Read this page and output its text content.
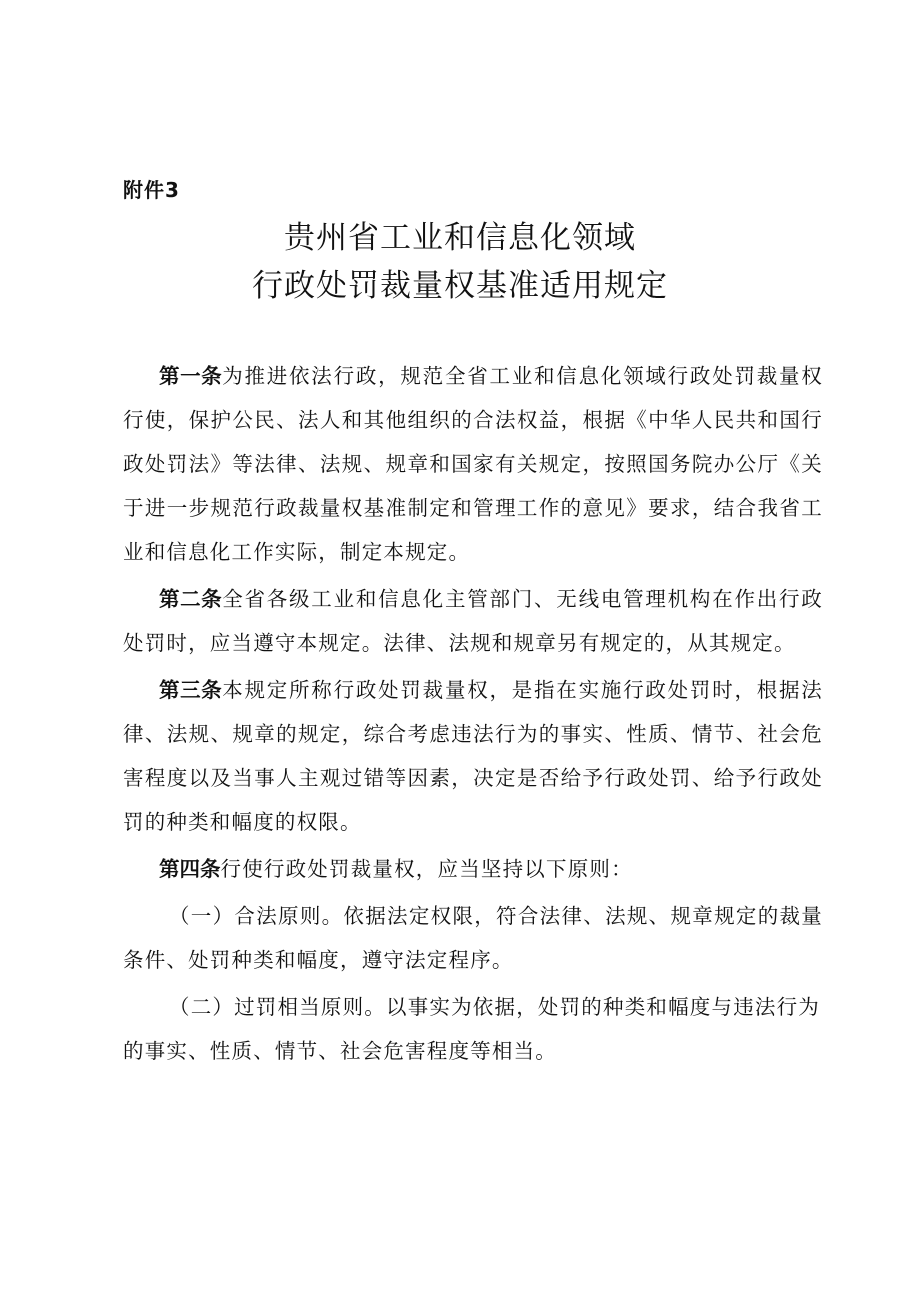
附件3
贵州省工业和信息化领域
行政处罚裁量权基准适用规定

第一条为推进依法行政，规范全省工业和信息化领域行政处罚裁量权行使，保护公民、法人和其他组织的合法权益，根据《中华人民共和国行政处罚法》等法律、法规、规章和国家有关规定，按照国务院办公厅《关于进一步规范行政裁量权基准制定和管理工作的意见》要求，结合我省工业和信息化工作实际，制定本规定。

第二条全省各级工业和信息化主管部门、无线电管理机构在作出行政处罚时，应当遵守本规定。法律、法规和规章另有规定的，从其规定。

第三条本规定所称行政处罚裁量权，是指在实施行政处罚时，根据法律、法规、规章的规定，综合考虑违法行为的事实、性质、情节、社会危害程度以及当事人主观过错等因素，决定是否给予行政处罚、给予行政处罚的种类和幅度的权限。

第四条行使行政处罚裁量权，应当坚持以下原则：

（一）合法原则。依据法定权限，符合法律、法规、规章规定的裁量条件、处罚种类和幅度，遵守法定程序。

（二）过罚相当原则。以事实为依据，处罚的种类和幅度与违法行为的事实、性质、情节、社会危害程度等相当。
